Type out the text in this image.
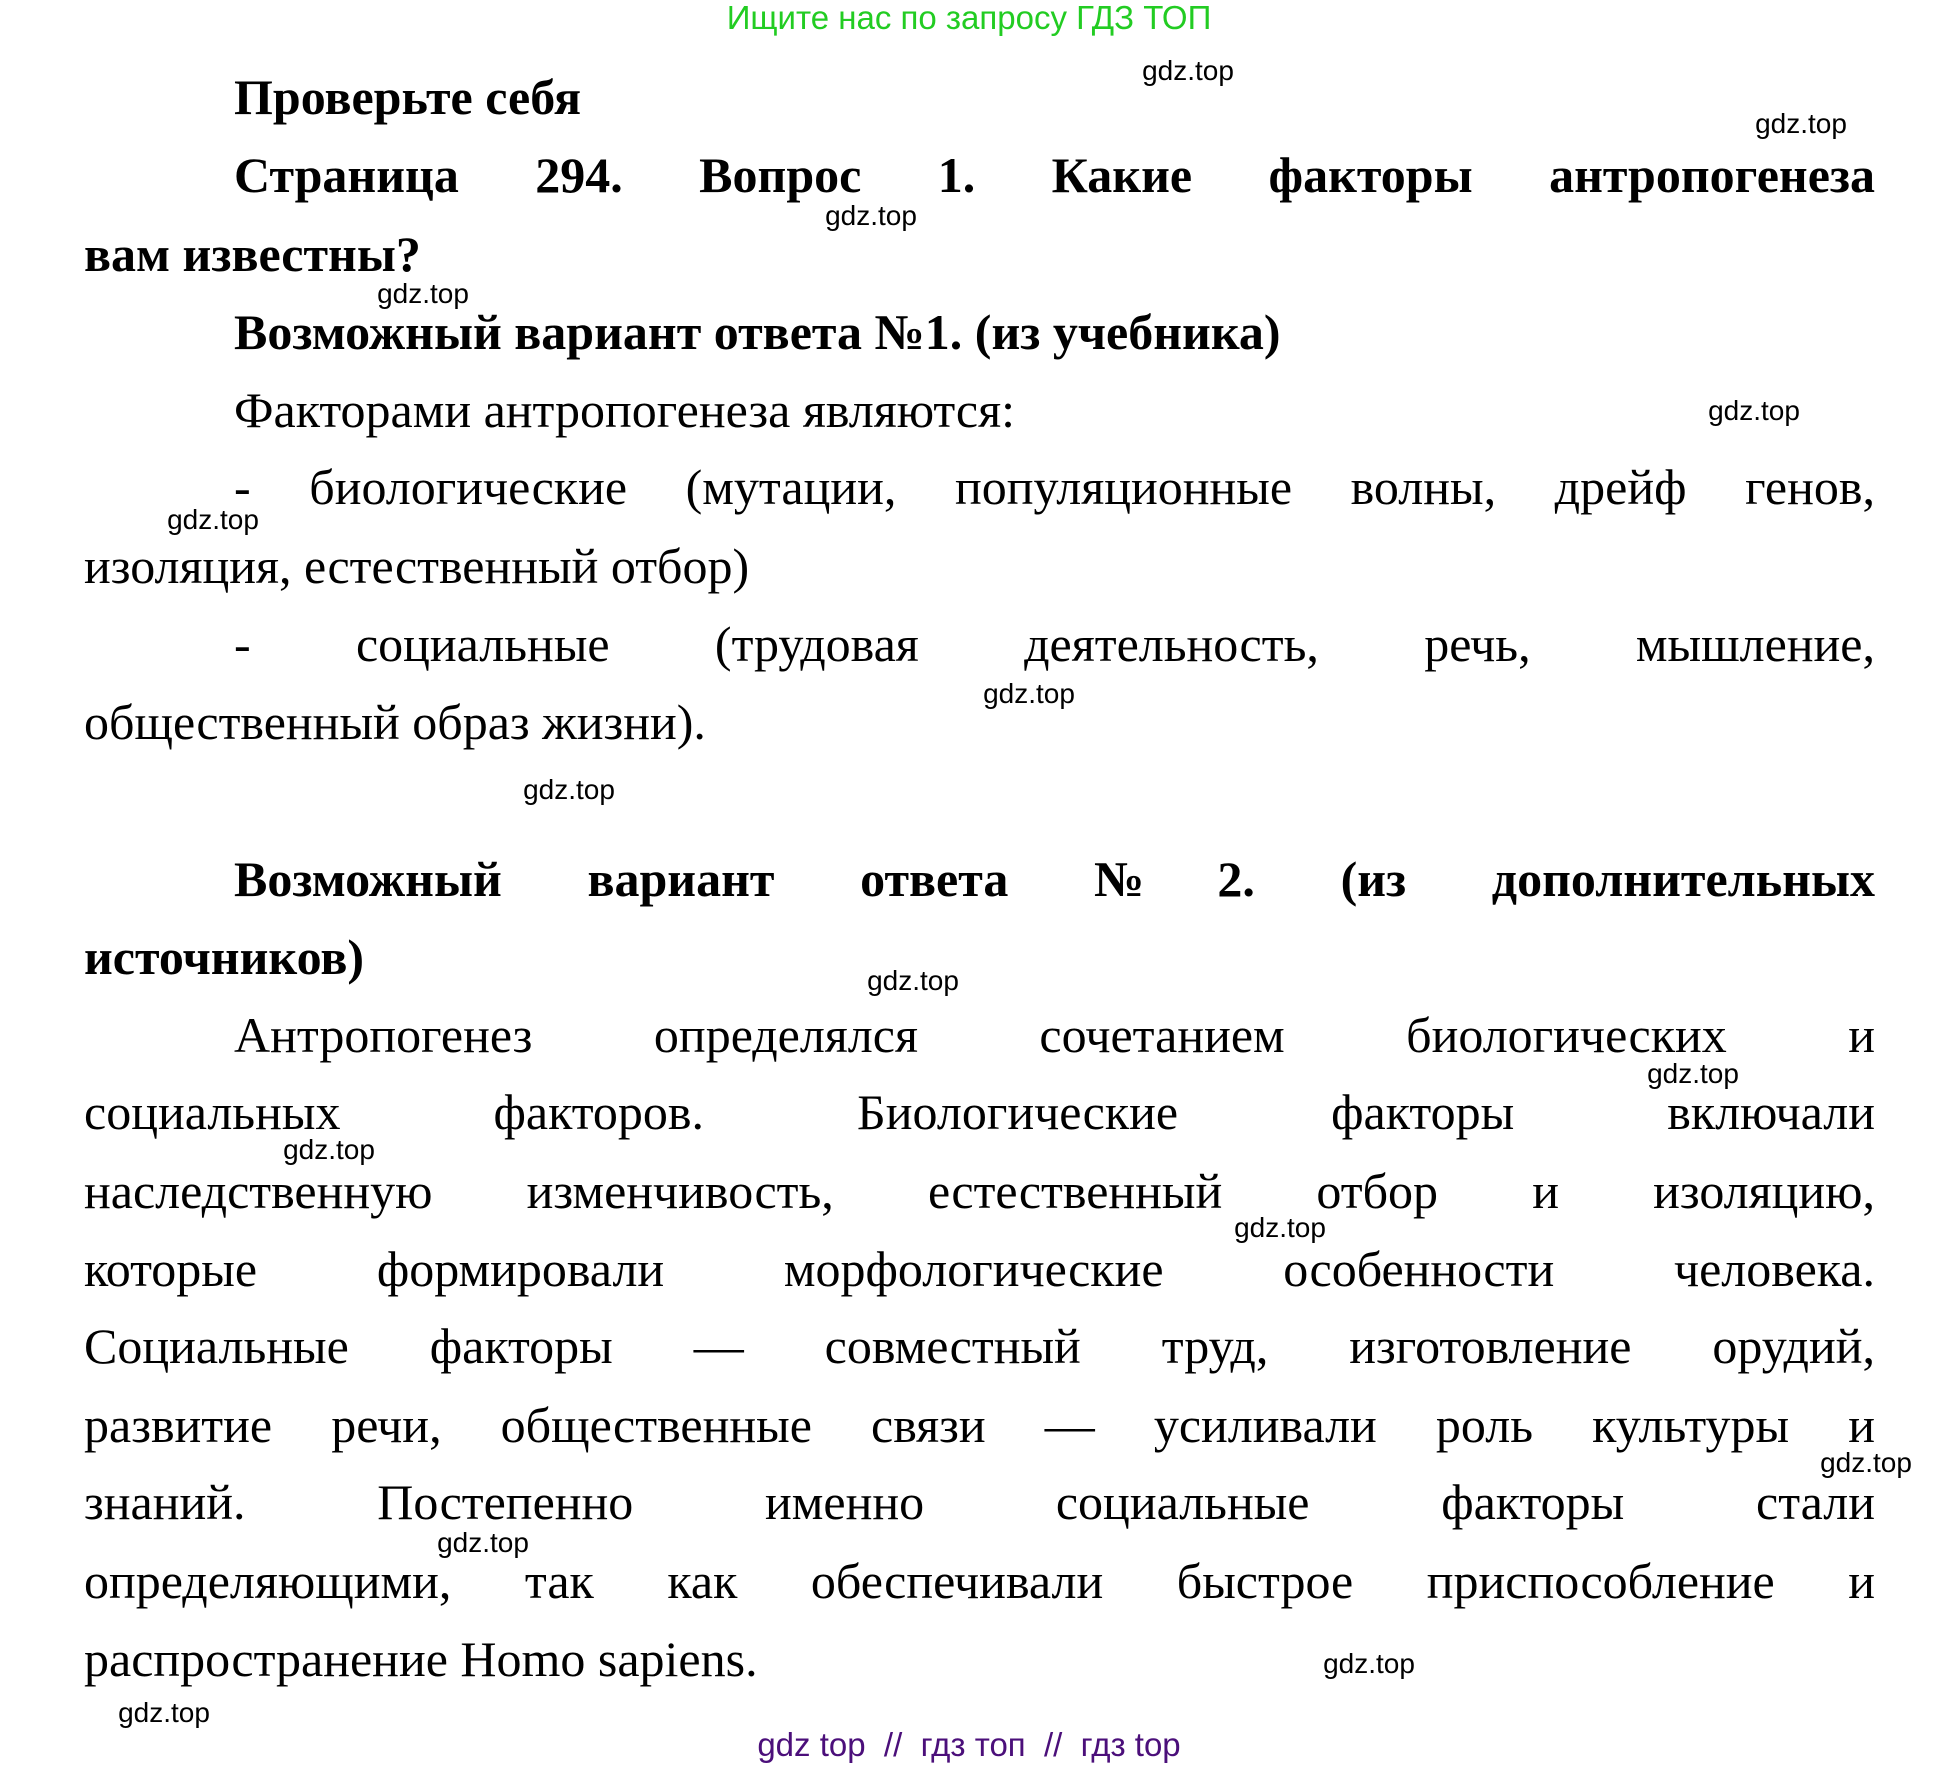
Ищите нас по запросу ГДЗ ТОП
Проверьте себя
Страница 294. Вопрос 1. Какие факторы антропогенеза
вам известны?
Возможный вариант ответа №1. (из учебника)
Факторами антропогенеза являются:
- биологические (мутации, популяционные волны, дрейф генов,
изоляция, естественный отбор)
- социальные (трудовая деятельность, речь, мышление,
общественный образ жизни).
Возможный вариант ответа №2. (из дополнительных
источников)
Антропогенез определялся сочетанием биологических и
социальных факторов. Биологические факторы включали
наследственную изменчивость, естественный отбор и изоляцию,
которые формировали морфологические особенности человека.
Социальные факторы — совместный труд, изготовление орудий,
развитие речи, общественные связи — усиливали роль культуры и
знаний. Постепенно именно социальные факторы стали
определяющими, так как обеспечивали быстрое приспособление и
распространение Homo sapiens.
gdz.top
gdz.top
gdz.top
gdz.top
gdz.top
gdz.top
gdz.top
gdz.top
gdz.top
gdz.top
gdz.top
gdz.top
gdz.top
gdz.top
gdz.top
gdz.top
gdz top  //  гдз топ  //  гдз top
